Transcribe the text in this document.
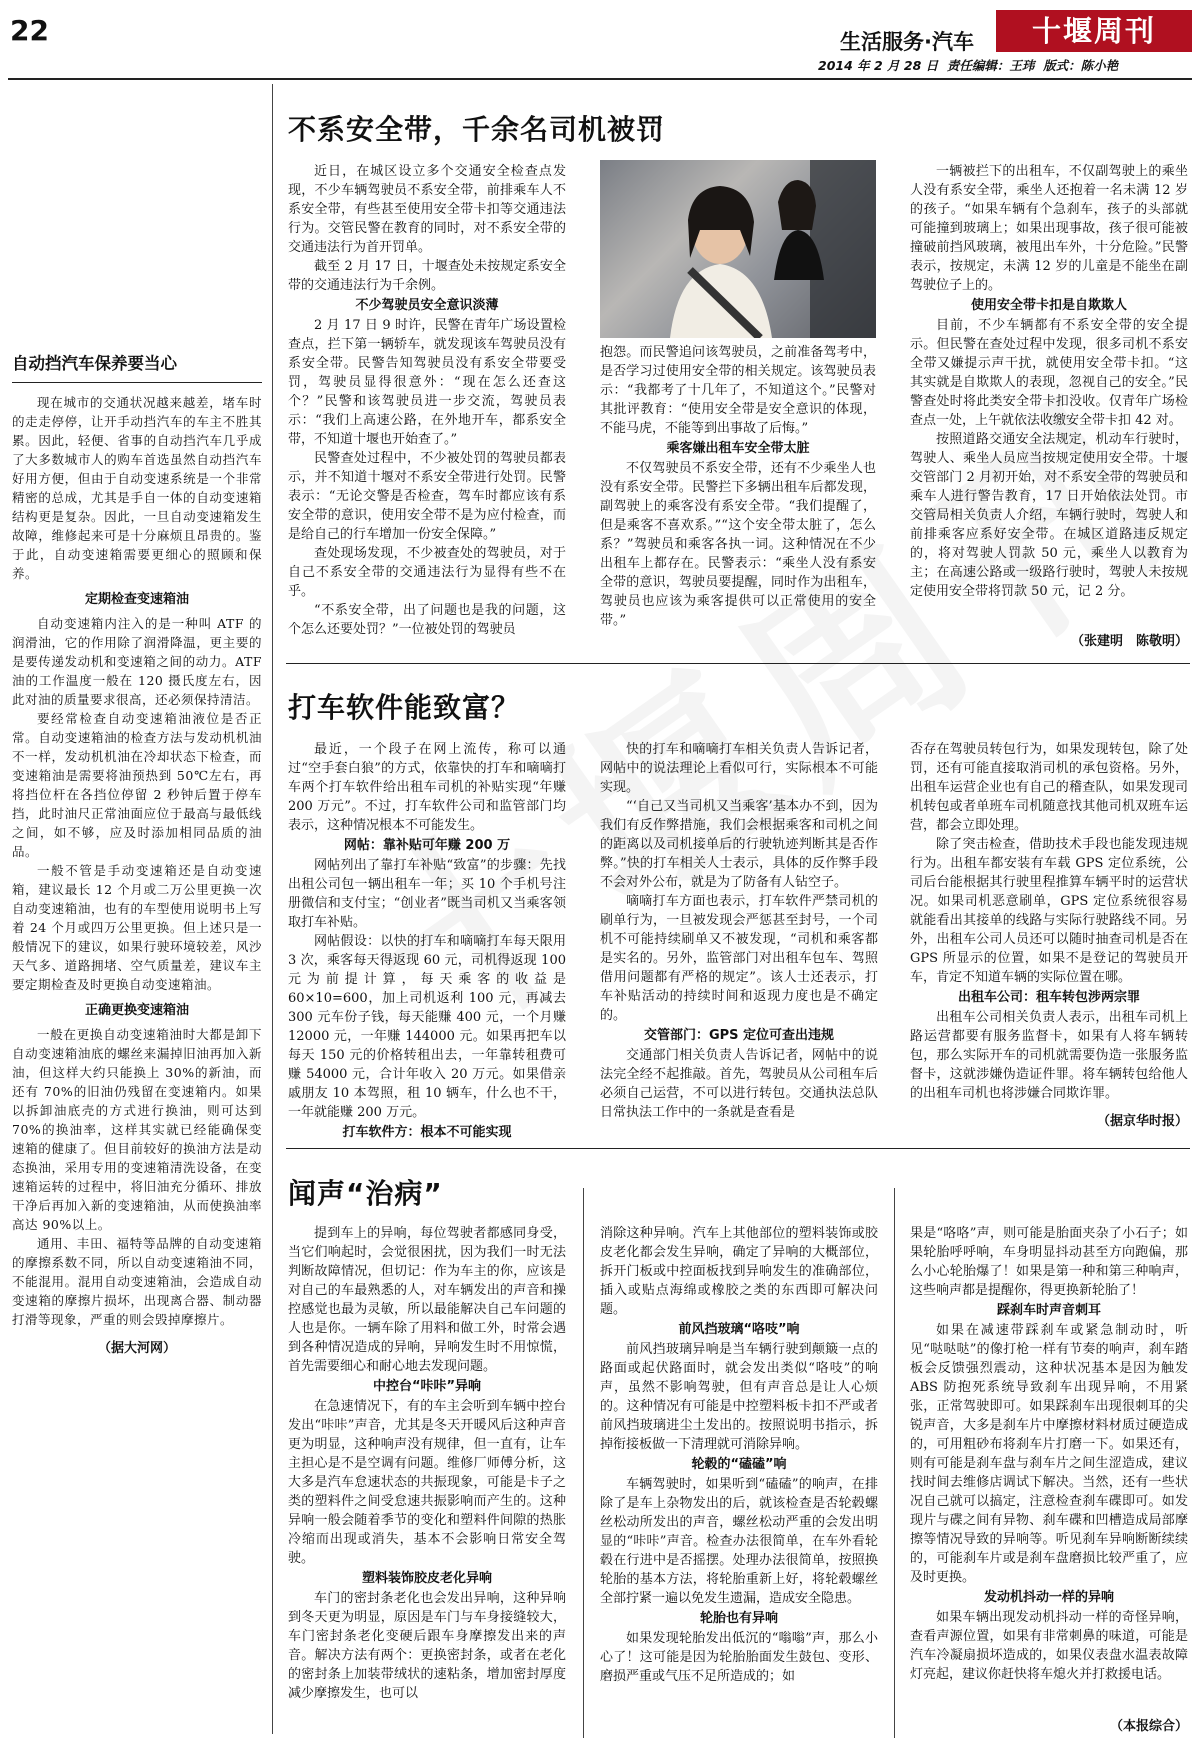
22	生活服务·汽车	十堰周刊
2014 年 2 月 28 日 责任编辑：王玮 版式：陈小艳
自动挡汽车保养要当心
现在城市的交通状况越来越差，堵车时的走走停停，让开手动挡汽车的车主不胜其累。因此，轻便、省事的自动挡汽车几乎成了大多数城市人的购车首选虽然自动挡汽车好用方便，但由于自动变速系统是一个非常精密的总成，尤其是手自一体的自动变速箱结构更是复杂。因此，一旦自动变速箱发生故障，维修起来可是十分麻烦且昂贵的。鉴于此，自动变速箱需要更细心的照顾和保养。
定期检查变速箱油
自动变速箱内注入的是一种叫 ATF 的润滑油，它的作用除了润滑降温，更主要的是要传递发动机和变速箱之间的动力。ATF 油的工作温度一般在 120 摄氏度左右，因此对油的质量要求很高，还必须保持清洁。
要经常检查自动变速箱油液位是否正常。自动变速箱油的检查方法与发动机机油不一样，发动机机油在冷却状态下检查，而变速箱油是需要将油预热到 50℃左右，再将挡位杆在各挡位停留 2 秒钟后置于停车挡，此时油尺正常油面应位于最高与最低线之间，如不够，应及时添加相同品质的油品。
一般不管是手动变速箱还是自动变速箱，建议最长 12 个月或二万公里更换一次自动变速箱油，也有的车型使用说明书上写着 24 个月或四万公里更换。但上述只是一般情况下的建议，如果行驶环境较差，风沙天气多、道路拥堵、空气质量差，建议车主要定期检查及时更换自动变速箱油。
正确更换变速箱油
一般在更换自动变速箱油时大都是卸下自动变速箱油底的螺丝来漏掉旧油再加入新油，但这样大约只能换上 30%的新油，而还有 70%的旧油仍残留在变速箱内。如果以拆卸油底壳的方式进行换油，则可达到 70%的换油率，这样其实就已经能确保变速箱的健康了。但目前较好的换油方法是动态换油，采用专用的变速箱清洗设备，在变速箱运转的过程中，将旧油充分循环、排放干净后再加入新的变速箱油，从而使换油率高达 90%以上。
通用、丰田、福特等品牌的自动变速箱的摩擦系数不同，所以自动变速箱油不同，不能混用。混用自动变速箱油，会造成自动变速箱的摩擦片损坏，出现离合器、制动器打滑等现象，严重的则会毁掉摩擦片。
（据大河网）
不系安全带，千余名司机被罚
近日，在城区设立多个交通安全检查点发现，不少车辆驾驶员不系安全带，前排乘车人不系安全带，有些甚至使用安全带卡扣等交通违法行为。交管民警在教育的同时，对不系安全带的交通违法行为首开罚单。
截至 2 月 17 日，十堰查处未按规定系安全带的交通违法行为千余例。
不少驾驶员安全意识淡薄
2 月 17 日 9 时许，民警在青年广场设置检查点，拦下第一辆轿车，就发现该车驾驶员没有系安全带。民警告知驾驶员没有系安全带要受罚，驾驶员显得很意外：“现在怎么还查这个？”民警和该驾驶员进一步交流，驾驶员表示：“我们上高速公路，在外地开车，都系安全带，不知道十堰也开始查了。”
民警查处过程中，不少被处罚的驾驶员都表示，并不知道十堰对不系安全带进行处罚。民警表示：“无论交警是否检查，驾车时都应该有系安全带的意识，使用安全带不是为应付检查，而是给自己的行车增加一份安全保障。”
查处现场发现，不少被查处的驾驶员，对于自己不系安全带的交通违法行为显得有些不在乎。
“不系安全带，出了问题也是我的问题，这个怎么还要处罚？”一位被处罚的驾驶员
抱怨。而民警追问该驾驶员，之前准备驾考中，是否学习过使用安全带的相关规定。该驾驶员表示：“我都考了十几年了，不知道这个。”民警对其批评教育：“使用安全带是安全意识的体现，不能马虎，不能等到出事故了后悔。”
乘客嫌出租车安全带太脏
不仅驾驶员不系安全带，还有不少乘坐人也没有系安全带。民警拦下多辆出租车后都发现，副驾驶上的乘客没有系安全带。“我们提醒了，但是乘客不喜欢系。”“这个安全带太脏了，怎么系？”驾驶员和乘客各执一词。这种情况在不少出租车上都存在。民警表示：“乘坐人没有系安全带的意识，驾驶员要提醒，同时作为出租车，驾驶员也应该为乘客提供可以正常使用的安全带。”
一辆被拦下的出租车，不仅副驾驶上的乘坐人没有系安全带，乘坐人还抱着一名未满 12 岁的孩子。“如果车辆有个急刹车，孩子的头部就可能撞到玻璃上；如果出现事故，孩子很可能被撞破前挡风玻璃，被甩出车外，十分危险。”民警表示，按规定，未满 12 岁的儿童是不能坐在副驾驶位子上的。
使用安全带卡扣是自欺欺人
目前，不少车辆都有不系安全带的安全提示。但民警在查处过程中发现，很多司机不系安全带又嫌提示声干扰，就使用安全带卡扣。“这其实就是自欺欺人的表现，忽视自己的安全。”民警查处时将此类安全带卡扣没收。仅青年广场检查点一处，上午就依法收缴安全带卡扣 42 对。
按照道路交通安全法规定，机动车行驶时，驾驶人、乘坐人员应当按规定使用安全带。十堰交管部门 2 月初开始，对不系安全带的驾驶员和乘车人进行警告教育，17 日开始依法处罚。市交管局相关负责人介绍，车辆行驶时，驾驶人和前排乘客应系好安全带。在城区道路违反规定的，将对驾驶人罚款 50 元，乘坐人以教育为主；在高速公路或一级路行驶时，驾驶人未按规定使用安全带将罚款 50 元，记 2 分。
（张建明　陈敬明）
打车软件能致富？
最近，一个段子在网上流传，称可以通过“空手套白狼”的方式，依靠快的打车和嘀嘀打车两个打车软件给出租车司机的补贴实现“年赚 200 万元”。不过，打车软件公司和监管部门均表示，这种情况根本不可能发生。
网帖：靠补贴可年赚 200 万
网帖列出了靠打车补贴“致富”的步骤：先找出租公司包一辆出租车一年；买 10 个手机号注册微信和支付宝；“创业者”既当司机又当乘客领取打车补贴。
网帖假设：以快的打车和嘀嘀打车每天限用 3 次，乘客每天得返现 60 元，司机得返现 100 元为前提计算，每天乘客的收益是 60×10=600，加上司机返利 100 元，再减去 300 元车份子钱，每天能赚 400 元，一个月赚 12000 元，一年赚 144000 元。如果再把车以每天 150 元的价格转租出去，一年靠转租费可赚 54000 元，合计年收入 20 万元。如果借亲戚朋友 10 本驾照，租 10 辆车，什么也不干，一年就能赚 200 万元。
打车软件方：根本不可能实现
快的打车和嘀嘀打车相关负责人告诉记者，网帖中的说法理论上看似可行，实际根本不可能实现。
“‘自己又当司机又当乘客’基本办不到，因为我们有反作弊措施，我们会根据乘客和司机之间的距离以及司机接单后的行驶轨迹判断其是否作弊。”快的打车相关人士表示，具体的反作弊手段不会对外公布，就是为了防备有人钻空子。
嘀嘀打车方面也表示，打车软件严禁司机的刷单行为，一旦被发现会严惩甚至封号，一个司机不可能持续刷单又不被发现，“司机和乘客都是实名的。另外，监管部门对出租车包车、驾照借用问题都有严格的规定”。该人士还表示，打车补贴活动的持续时间和返现力度也是不确定的。
交管部门：GPS 定位可查出违规
交通部门相关负责人告诉记者，网帖中的说法完全经不起推敲。首先，驾驶员从公司租车后必须自己运营，不可以进行转包。交通执法总队日常执法工作中的一条就是查看是
否存在驾驶员转包行为，如果发现转包，除了处罚，还有可能直接取消司机的承包资格。另外，出租车运营企业也有自己的稽查队，如果发现司机转包或者单班车司机随意找其他司机双班车运营，都会立即处理。
除了突击检查，借助技术手段也能发现违规行为。出租车都安装有车载 GPS 定位系统，公司后台能根据其行驶里程推算车辆平时的运营状况。如果司机恶意刷单，GPS 定位系统很容易就能看出其接单的线路与实际行驶路线不同。另外，出租车公司人员还可以随时抽查司机是否在 GPS 所显示的位置，如果不是登记的驾驶员开车，肯定不知道车辆的实际位置在哪。
出租车公司：租车转包涉两宗罪
出租车公司相关负责人表示，出租车司机上路运营都要有服务监督卡，如果有人将车辆转包，那么实际开车的司机就需要伪造一张服务监督卡，这就涉嫌伪造证件罪。将车辆转包给他人的出租车司机也将涉嫌合同欺诈罪。
（据京华时报）
闻声“治病”
提到车上的异响，每位驾驶者都感同身受，当它们响起时，会觉很困扰，因为我们一时无法判断故障情况，但切记：作为车主的你，应该是对自己的车最熟悉的人，对车辆发出的声音和操控感觉也最为灵敏，所以最能解决自己车问题的人也是你。一辆车除了用料和做工外，时常会遇到各种情况造成的异响，异响发生时不用惊慌，首先需要细心和耐心地去发现问题。
中控台“咔咔”异响
在急速情况下，有的车主会听到车辆中控台发出“咔咔”声音，尤其是冬天开暖风后这种声音更为明显，这种响声没有规律，但一直有，让车主担心是不是空调有问题。维修厂师傅分析，这大多是汽车怠速状态的共振现象，可能是卡子之类的塑料件之间受怠速共振影响而产生的。这种异响一般会随着季节的变化和塑料件间隙的热胀冷缩而出现或消失，基本不会影响日常安全驾驶。
塑料装饰胶皮老化异响
车门的密封条老化也会发出异响，这种异响到冬天更为明显，原因是车门与车身接缝较大，车门密封条老化变硬后跟车身摩擦发出来的声音。解决方法有两个：更换密封条，或者在老化的密封条上加装带绒状的速粘条，增加密封厚度减少摩擦发生，也可以
消除这种异响。汽车上其他部位的塑料装饰或胶皮老化都会发生异响，确定了异响的大概部位，拆开门板或中控面板找到异响发生的准确部位，插入或贴点海绵或橡胶之类的东西即可解决问题。
前风挡玻璃“咯吱”响
前风挡玻璃异响是当车辆行驶到颠簸一点的路面或起伏路面时，就会发出类似“咯吱”的响声，虽然不影响驾驶，但有声音总是让人心烦的。这种情况有可能是中控塑料板卡扣不严或者前风挡玻璃进尘土发出的。按照说明书指示，拆掉衔接板做一下清理就可消除异响。
轮毂的“磕磕”响
车辆驾驶时，如果听到“磕磕”的响声，在排除了是车上杂物发出的后，就该检查是否轮毂螺丝松动所发出的声音，螺丝松动严重的会发出明显的“咔咔”声音。检查办法很简单，在车外看轮毂在行进中是否摇摆。处理办法很简单，按照换轮胎的基本方法，将轮胎重新上好，将轮毂螺丝全部拧紧一遍以免发生遗漏，造成安全隐患。
轮胎也有异响
如果发现轮胎发出低沉的“嗡嗡”声，那么小心了！这可能是因为轮胎胎面发生鼓包、变形、磨损严重或气压不足所造成的；如
果是“咯咯”声，则可能是胎面夹杂了小石子；如果轮胎呼呼响，车身明显抖动甚至方向跑偏，那么小心轮胎爆了！如果是第一种和第三种响声，这些响声都是提醒你，得更换新轮胎了！
踩刹车时声音刺耳
如果在减速带踩刹车或紧急制动时，听见“哒哒哒”的像打枪一样有节奏的响声，刹车踏板会反馈强烈震动，这种状况基本是因为触发 ABS 防抱死系统导致刹车出现异响，不用紧张，正常驾驶即可。如果踩刹车出现很刺耳的尖锐声音，大多是刹车片中摩擦材料材质过硬造成的，可用粗砂布将刹车片打磨一下。如果还有，则有可能是刹车盘与刹车片之间生涩造成，建议找时间去维修店调试下解决。当然，还有一些状况自己就可以搞定，注意检查刹车碟即可。如发现片与碟之间有异物、刹车碟和凹槽造成局部摩擦等情况导致的异响等。听见刹车异响断断续续的，可能刹车片或是刹车盘磨损比较严重了，应及时更换。
发动机抖动一样的异响
如果车辆出现发动机抖动一样的奇怪异响，查看声源位置，如果有非常刺鼻的味道，可能是汽车冷凝扇损坏造成的，如果仪表盘水温表故障灯亮起，建议你赶快将车熄火并打救援电话。
（本报综合）
